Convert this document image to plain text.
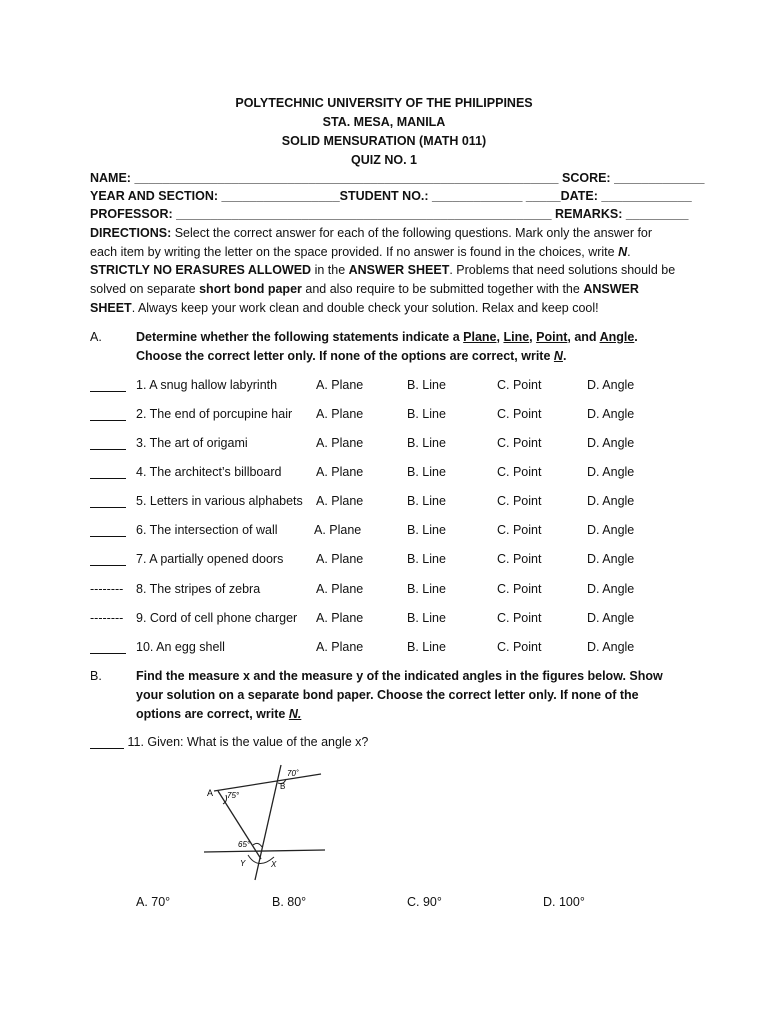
POLYTECHNIC UNIVERSITY OF THE PHILIPPINES
STA. MESA, MANILA
SOLID MENSURATION (MATH 011)
QUIZ NO. 1
NAME: _____________________________________________________________ SCORE: _____________
YEAR AND SECTION: _________________STUDENT NO.: _____________ _____DATE: _____________
PROFESSOR: ______________________________________________________ REMARKS: _________
DIRECTIONS: Select the correct answer for each of the following questions. Mark only the answer for each item by writing the letter on the space provided. If no answer is found in the choices, write N. STRICTLY NO ERASURES ALLOWED in the ANSWER SHEET. Problems that need solutions should be solved on separate short bond paper and also require to be submitted together with the ANSWER SHEET. Always keep your work clean and double check your solution. Relax and keep cool!
A.	Determine whether the following statements indicate a Plane, Line, Point, and Angle. Choose the correct letter only. If none of the options are correct, write N.
1. A snug hallow labyrinth	A. Plane	B. Line	C. Point	D. Angle
2. The end of porcupine hair A. Plane	B. Line	C. Point	D. Angle
3. The art of origami	A. Plane	B. Line	C. Point	D. Angle
4. The architect’s billboard	A. Plane	B. Line	C. Point	D. Angle
5. Letters in various alphabets A. Plane	B. Line	C. Point	D. Angle
6. The intersection of wall	A. Plane	B. Line	C. Point	D. Angle
7. A partially opened doors	A. Plane	B. Line	C. Point	D. Angle
-------- 8. The stripes of zebra	A. Plane	B. Line	C. Point	D. Angle
-------- 9. Cord of cell phone charger A. Plane	B. Line	C. Point	D. Angle
10. An egg shell	A. Plane	B. Line	C. Point	D. Angle
B.	Find the measure x and the measure y of the indicated angles in the figures below. Show your solution on a separate bond paper. Choose the correct letter only. If none of the options are correct, write N.
11. Given: What is the value of the angle x?
A 75°
70˚
B
65°
Y	X
A. 70°	B. 80°	C. 90°	D. 100°
